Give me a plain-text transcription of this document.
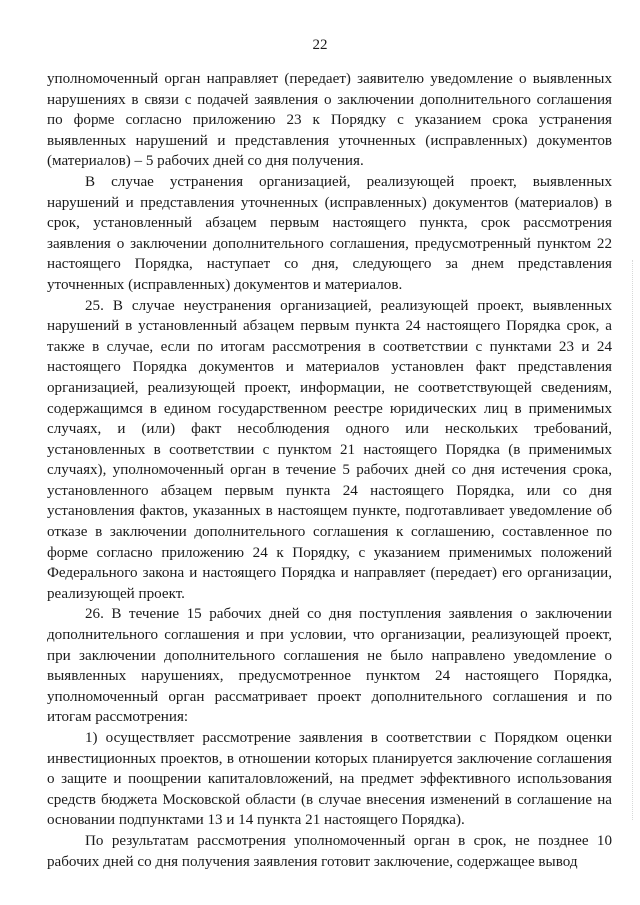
22

уполномоченный орган направляет (передает) заявителю уведомление о выявленных нарушениях в связи с подачей заявления о заключении дополнительного соглашения по форме согласно приложению 23 к Порядку с указанием срока устранения выявленных нарушений и представления уточненных (исправленных) документов (материалов) – 5 рабочих дней со дня получения.

В случае устранения организацией, реализующей проект, выявленных нарушений и представления уточненных (исправленных) документов (материалов) в срок, установленный абзацем первым настоящего пункта, срок рассмотрения заявления о заключении дополнительного соглашения, предусмотренный пунктом 22 настоящего Порядка, наступает со дня, следующего за днем представления уточненных (исправленных) документов и материалов.

25. В случае неустранения организацией, реализующей проект, выявленных нарушений в установленный абзацем первым пункта 24 настоящего Порядка срок, а также в случае, если по итогам рассмотрения в соответствии с пунктами 23 и 24 настоящего Порядка документов и материалов установлен факт представления организацией, реализующей проект, информации, не соответствующей сведениям, содержащимся в едином государственном реестре юридических лиц в применимых случаях, и (или) факт несоблюдения одного или нескольких требований, установленных в соответствии с пунктом 21 настоящего Порядка (в применимых случаях), уполномоченный орган в течение 5 рабочих дней со дня истечения срока, установленного абзацем первым пункта 24 настоящего Порядка, или со дня установления фактов, указанных в настоящем пункте, подготавливает уведомление об отказе в заключении дополнительного соглашения к соглашению, составленное по форме согласно приложению 24 к Порядку, с указанием применимых положений Федерального закона и настоящего Порядка и направляет (передает) его организации, реализующей проект.

26. В течение 15 рабочих дней со дня поступления заявления о заключении дополнительного соглашения и при условии, что организации, реализующей проект, при заключении дополнительного соглашения не было направлено уведомление о выявленных нарушениях, предусмотренное пунктом 24 настоящего Порядка, уполномоченный орган рассматривает проект дополнительного соглашения и по итогам рассмотрения:

1) осуществляет рассмотрение заявления в соответствии с Порядком оценки инвестиционных проектов, в отношении которых планируется заключение соглашения о защите и поощрении капиталовложений, на предмет эффективного использования средств бюджета Московской области (в случае внесения изменений в соглашение на основании подпунктами 13 и 14 пункта 21 настоящего Порядка).

По результатам рассмотрения уполномоченный орган в срок, не позднее 10 рабочих дней со дня получения заявления готовит заключение, содержащее вывод
